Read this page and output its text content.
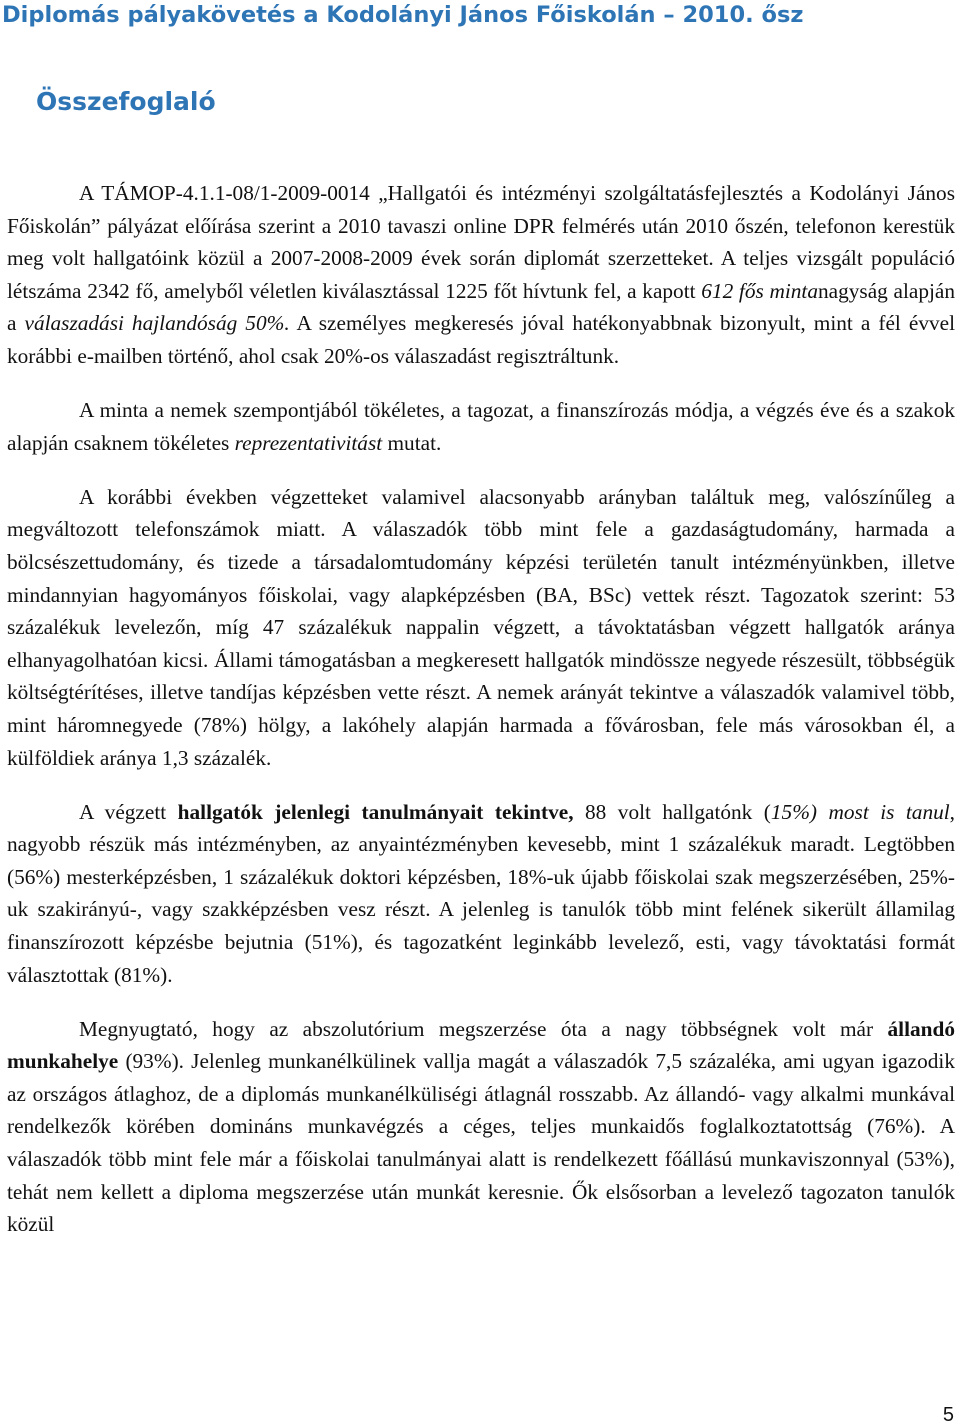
Diplomás pályakövetés a Kodolányi János Főiskolán – 2010. ősz
Összefoglaló

A TÁMOP-4.1.1-08/1-2009-0014 „Hallgatói és intézményi szolgáltatásfejlesztés a Kodolányi János Főiskolán” pályázat előírása szerint a 2010 tavaszi online DPR felmérés után 2010 őszén, telefonon kerestük meg volt hallgatóink közül a 2007-2008-2009 évek során diplomát szerzetteket. A teljes vizsgált populáció létszáma 2342 fő, amelyből véletlen kiválasztással 1225 főt hívtunk fel, a kapott 612 fős mintanagyság alapján a válaszadási hajlandóság 50%. A személyes megkeresés jóval hatékonyabbnak bizonyult, mint a fél évvel korábbi e-mailben történő, ahol csak 20%-os válaszadást regisztráltunk.

A minta a nemek szempontjából tökéletes, a tagozat, a finanszírozás módja, a végzés éve és a szakok alapján csaknem tökéletes reprezentativitást mutat.

A korábbi években végzetteket valamivel alacsonyabb arányban találtuk meg, valószínűleg a megváltozott telefonszámok miatt. A válaszadók több mint fele a gazdaságtudomány, harmada a bölcsészettudomány, és tizede a társadalomtudomány képzési területén tanult intézményünkben, illetve mindannyian hagyományos főiskolai, vagy alapképzésben (BA, BSc) vettek részt. Tagozatok szerint: 53 százalékuk levelezőn, míg 47 százalékuk nappalin végzett, a távoktatásban végzett hallgatók aránya elhanyagolhatóan kicsi. Állami támogatásban a megkeresett hallgatók mindössze negyede részesült, többségük költségtérítéses, illetve tandíjas képzésben vette részt. A nemek arányát tekintve a válaszadók valamivel több, mint háromnegyede (78%) hölgy, a lakóhely alapján harmada a fővárosban, fele más városokban él, a külföldiek aránya 1,3 százalék.

A végzett hallgatók jelenlegi tanulmányait tekintve, 88 volt hallgatónk (15%) most is tanul, nagyobb részük más intézményben, az anyaintézményben kevesebb, mint 1 százalékuk maradt. Legtöbben (56%) mesterképzésben, 1 százalékuk doktori képzésben, 18%-uk újabb főiskolai szak megszerzésében, 25%-uk szakirányú-, vagy szakképzésben vesz részt. A jelenleg is tanulók több mint felének sikerült államilag finanszírozott képzésbe bejutnia (51%), és tagozatként leginkább levelező, esti, vagy távoktatási formát választottak (81%).

Megnyugtató, hogy az abszolutórium megszerzése óta a nagy többségnek volt már állandó munkahelye (93%). Jelenleg munkanélkülinek vallja magát a válaszadók 7,5 százaléka, ami ugyan igazodik az országos átlaghoz, de a diplomás munkanélküliségi átlagnál rosszabb. Az állandó- vagy alkalmi munkával rendelkezők körében domináns munkavégzés a céges, teljes munkaidős foglalkoztatottság (76%). A válaszadók több mint fele már a főiskolai tanulmányai alatt is rendelkezett főállású munkaviszonnyal (53%), tehát nem kellett a diploma megszerzése után munkát keresnie. Ők elsősorban a levelező tagozaton tanulók közül

5
